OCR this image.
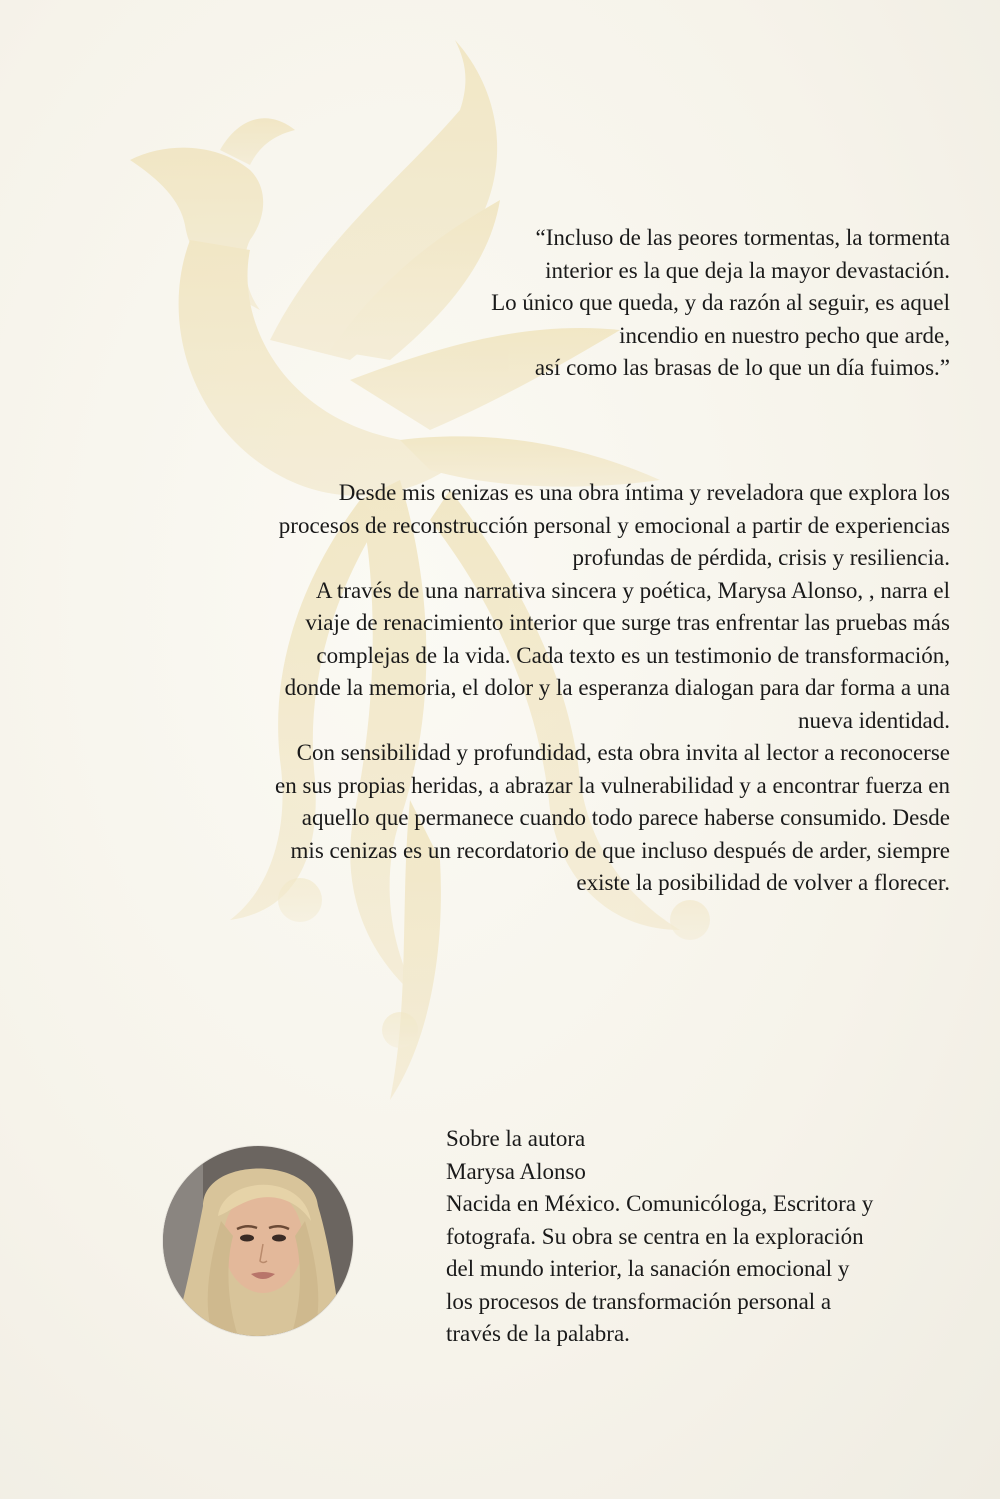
“Incluso de las peores tormentas, la tormenta

interior es la que deja la mayor devastación.

Lo único que queda, y da razón al seguir, es aquel

incendio en nuestro pecho que arde,

así como las brasas de lo que un día fuimos.”

Desde mis cenizas es una obra íntima y reveladora que explora los

procesos de reconstrucción personal y emocional a partir de experiencias

profundas de pérdida, crisis y resiliencia.

A través de una narrativa sincera y poética, Marysa Alonso, , narra el

viaje de renacimiento interior que surge tras enfrentar las pruebas más

complejas de la vida. Cada texto es un testimonio de transformación,

donde la memoria, el dolor y la esperanza dialogan para dar forma a una

nueva identidad.

Con sensibilidad y profundidad, esta obra invita al lector a reconocerse

en sus propias heridas, a abrazar la vulnerabilidad y a encontrar fuerza en

aquello que permanece cuando todo parece haberse consumido. Desde

mis cenizas es un recordatorio de que incluso después de arder, siempre

existe la posibilidad de volver a florecer.

Sobre la autora
Marysa Alonso
Nacida en México. Comunicóloga, Escritora y
fotografa. Su obra se centra en la exploración
del mundo interior, la sanación emocional y
los procesos de transformación personal a
través de la palabra.
